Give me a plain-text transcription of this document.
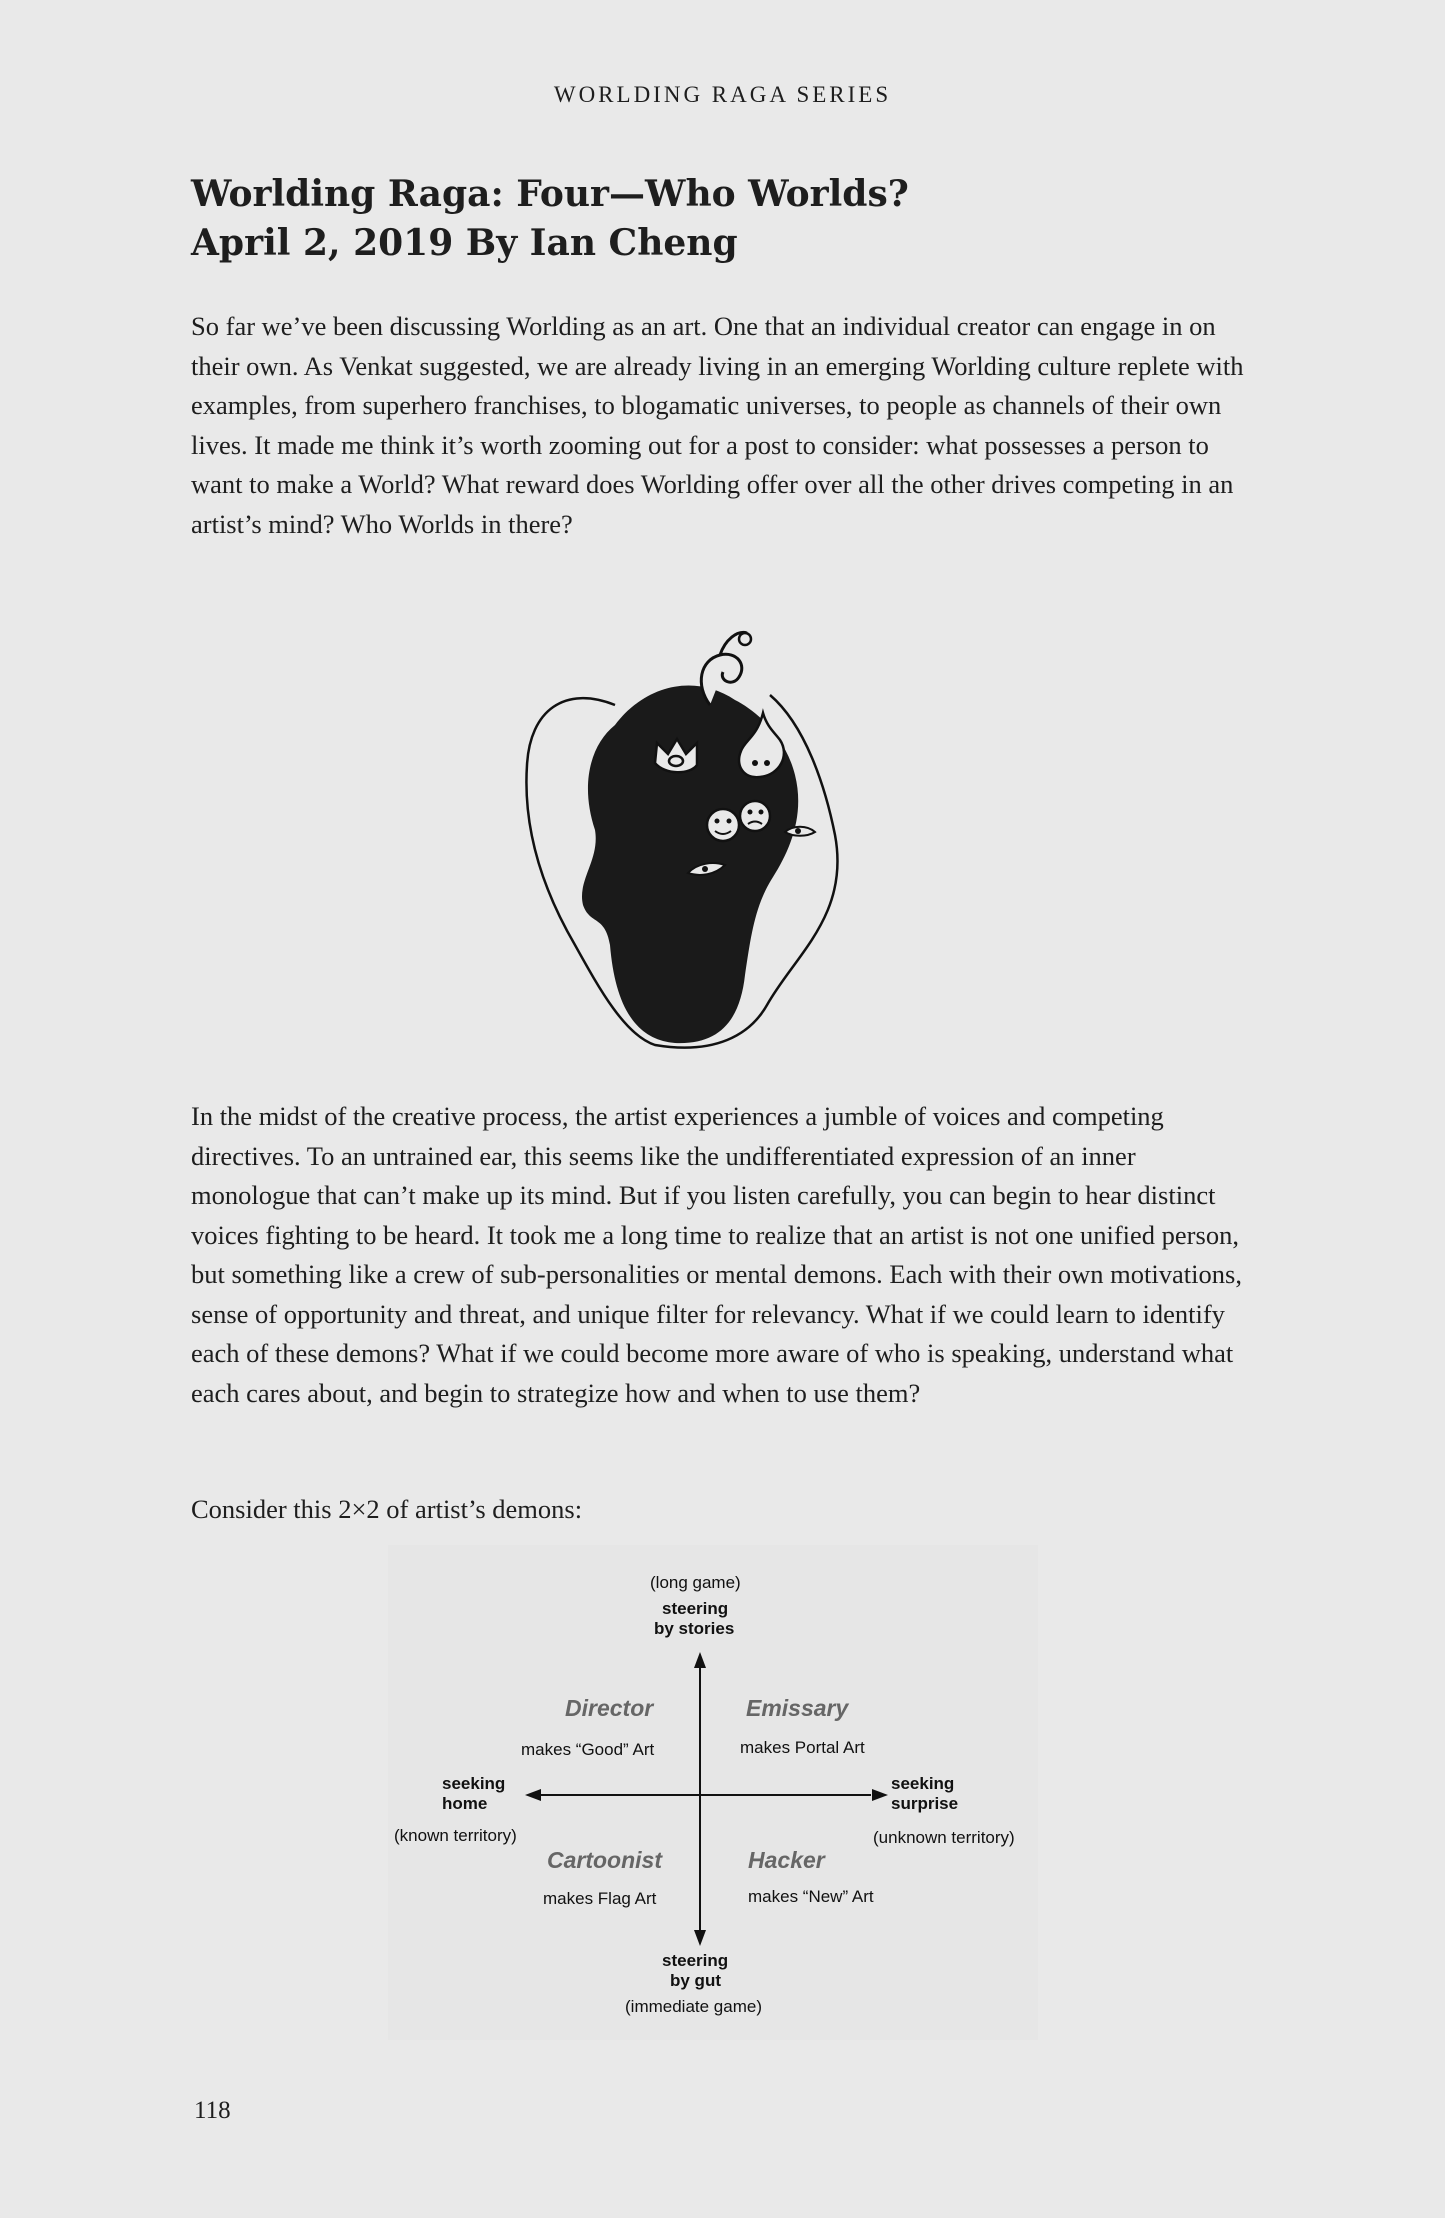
WORLDING RAGA SERIES
Worlding Raga: Four—Who Worlds?
April 2, 2019 By Ian Cheng

So far we’ve been discussing Worlding as an art. One that an individual creator can engage in on their own. As Venkat suggested, we are already living in an emerging Worlding culture replete with examples, from superhero franchises, to blogamatic universes, to people as channels of their own lives. It made me think it’s worth zooming out for a post to consider: what possesses a person to want to make a World? What reward does Worlding offer over all the other drives competing in an artist’s mind? Who Worlds in there?

In the midst of the creative process, the artist experiences a jumble of voices and competing directives. To an untrained ear, this seems like the undifferentiated expression of an inner monologue that can’t make up its mind. But if you listen carefully, you can begin to hear distinct voices fighting to be heard. It took me a long time to realize that an artist is not one unified person, but something like a crew of sub-personalities or mental demons. Each with their own motivations, sense of opportunity and threat, and unique filter for relevancy. What if we could learn to identify each of these demons? What if we could become more aware of who is speaking, understand what each cares about, and begin to strategize how and when to use them?

Consider this 2×2 of artist’s demons:

(long game)
steering
by stories
Director
makes “Good” Art
Emissary
makes Portal Art
seeking
home
(known territory)
seeking
surprise
(unknown territory)
Cartoonist
makes Flag Art
Hacker
makes “New” Art
steering
by gut
(immediate game)
118
